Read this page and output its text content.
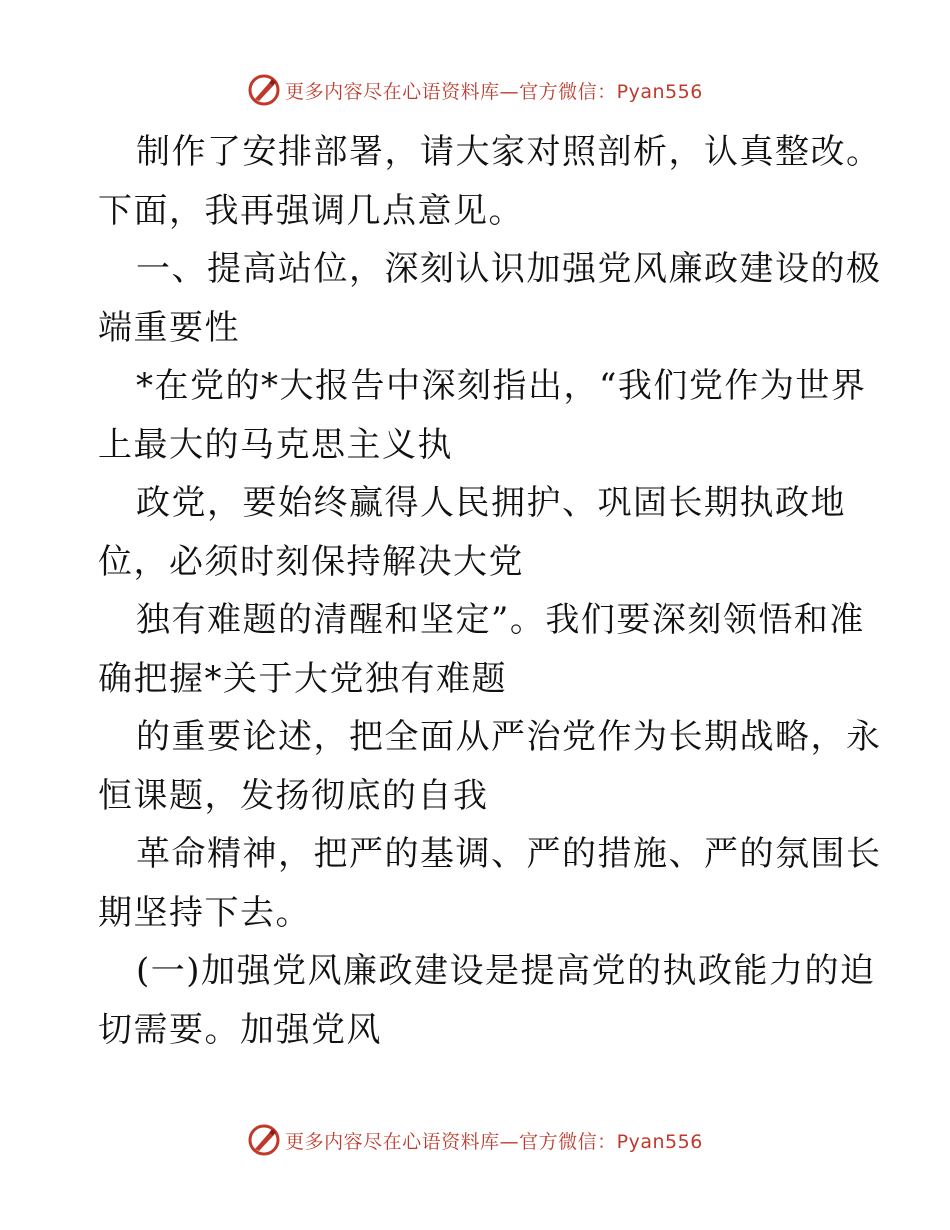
更多内容尽在心语资料库—官方微信：Pyan556
制作了安排部署，请大家对照剖析，认真整改。
下面，我再强调几点意见。
一、提高站位，深刻认识加强党风廉政建设的极
端重要性
*在党的*大报告中深刻指出，“我们党作为世界
上最大的马克思主义执
政党，要始终赢得人民拥护、巩固长期执政地
位，必须时刻保持解决大党
独有难题的清醒和坚定”。我们要深刻领悟和准
确把握*关于大党独有难题
的重要论述，把全面从严治党作为长期战略，永
恒课题，发扬彻底的自我
革命精神，把严的基调、严的措施、严的氛围长
期坚持下去。
(一)加强党风廉政建设是提高党的执政能力的迫
切需要。加强党风
更多内容尽在心语资料库—官方微信：Pyan556
